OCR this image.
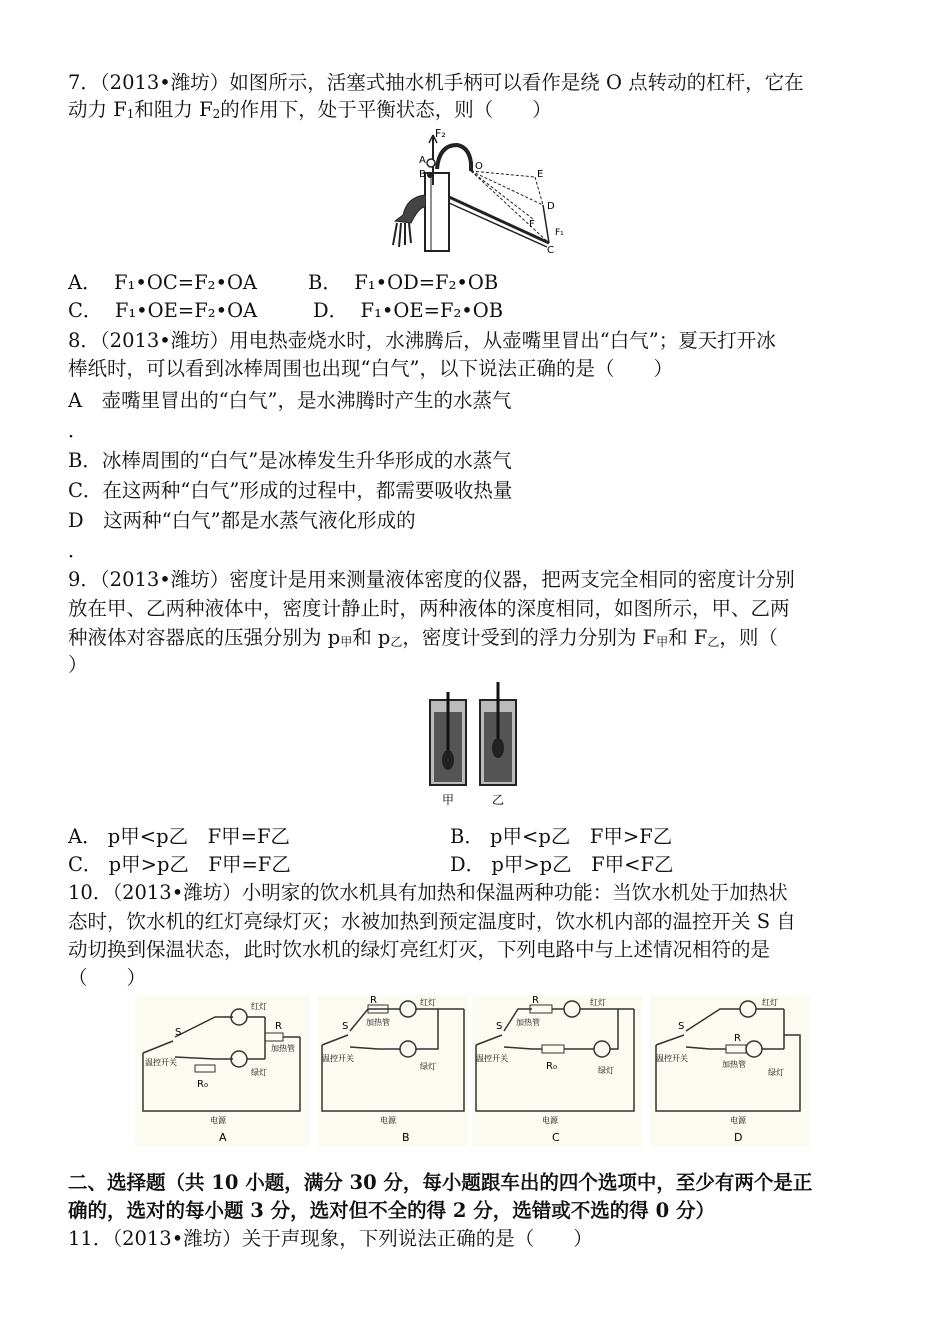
7．（2013•潍坊）如图所示，活塞式抽水机手柄可以看作是绕 O 点转动的杠杆，它在
动力 F1和阻力 F2的作用下，处于平衡状态，则（　　）
F₂
A
B
O
E
D
F
C
F₁
A． F₁•OC=F₂•OA	B． F₁•OD=F₂•OB
C． F₁•OE=F₂•OA	D． F₁•OE=F₂•OB
8．（2013•潍坊）用电热壶烧水时，水沸腾后，从壶嘴里冒出“白气”；夏天打开冰
棒纸时，可以看到冰棒周围也出现“白气”，以下说法正确的是（　　）
A　壶嘴里冒出的“白气”，是水沸腾时产生的水蒸气
．
B．冰棒周围的“白气”是冰棒发生升华形成的水蒸气
C．在这两种“白气”形成的过程中，都需要吸收热量
D　这两种“白气”都是水蒸气液化形成的
．
9．（2013•潍坊）密度计是用来测量液体密度的仪器，把两支完全相同的密度计分别
放在甲、乙两种液体中，密度计静止时，两种液体的深度相同，如图所示，甲、乙两
种液体对容器底的压强分别为 p甲和 p乙，密度计受到的浮力分别为 F甲和 F乙，则（
）
甲	乙
A． p甲<p乙　F甲=F乙	B． p甲<p乙　F甲>F乙
C． p甲>p乙　F甲=F乙	D． p甲>p乙　F甲<F乙
10．（2013•潍坊）小明家的饮水机具有加热和保温两种功能：当饮水机处于加热状
态时，饮水机的红灯亮绿灯灭；水被加热到预定温度时，饮水机内部的温控开关 S 自
动切换到保温状态，此时饮水机的绿灯亮红灯灭，下列电路中与上述情况相符的是
（　　）
S
温控开关
红灯
绿灯
R
加热管
R₀
电源
A
S
温控开关
R
加热管
红灯
绿灯
电源
B
S
温控开关
R
加热管
红灯
R₀	绿灯
电源
C
S
温控开关
红灯
绿灯
R
加热管
电源
D
二、选择题（共 10 小题，满分 30 分，每小题跟车出的四个选项中，至少有两个是正
确的，选对的每小题 3 分，选对但不全的得 2 分，选错或不选的得 0 分）
11．（2013•潍坊）关于声现象，下列说法正确的是（　　）
